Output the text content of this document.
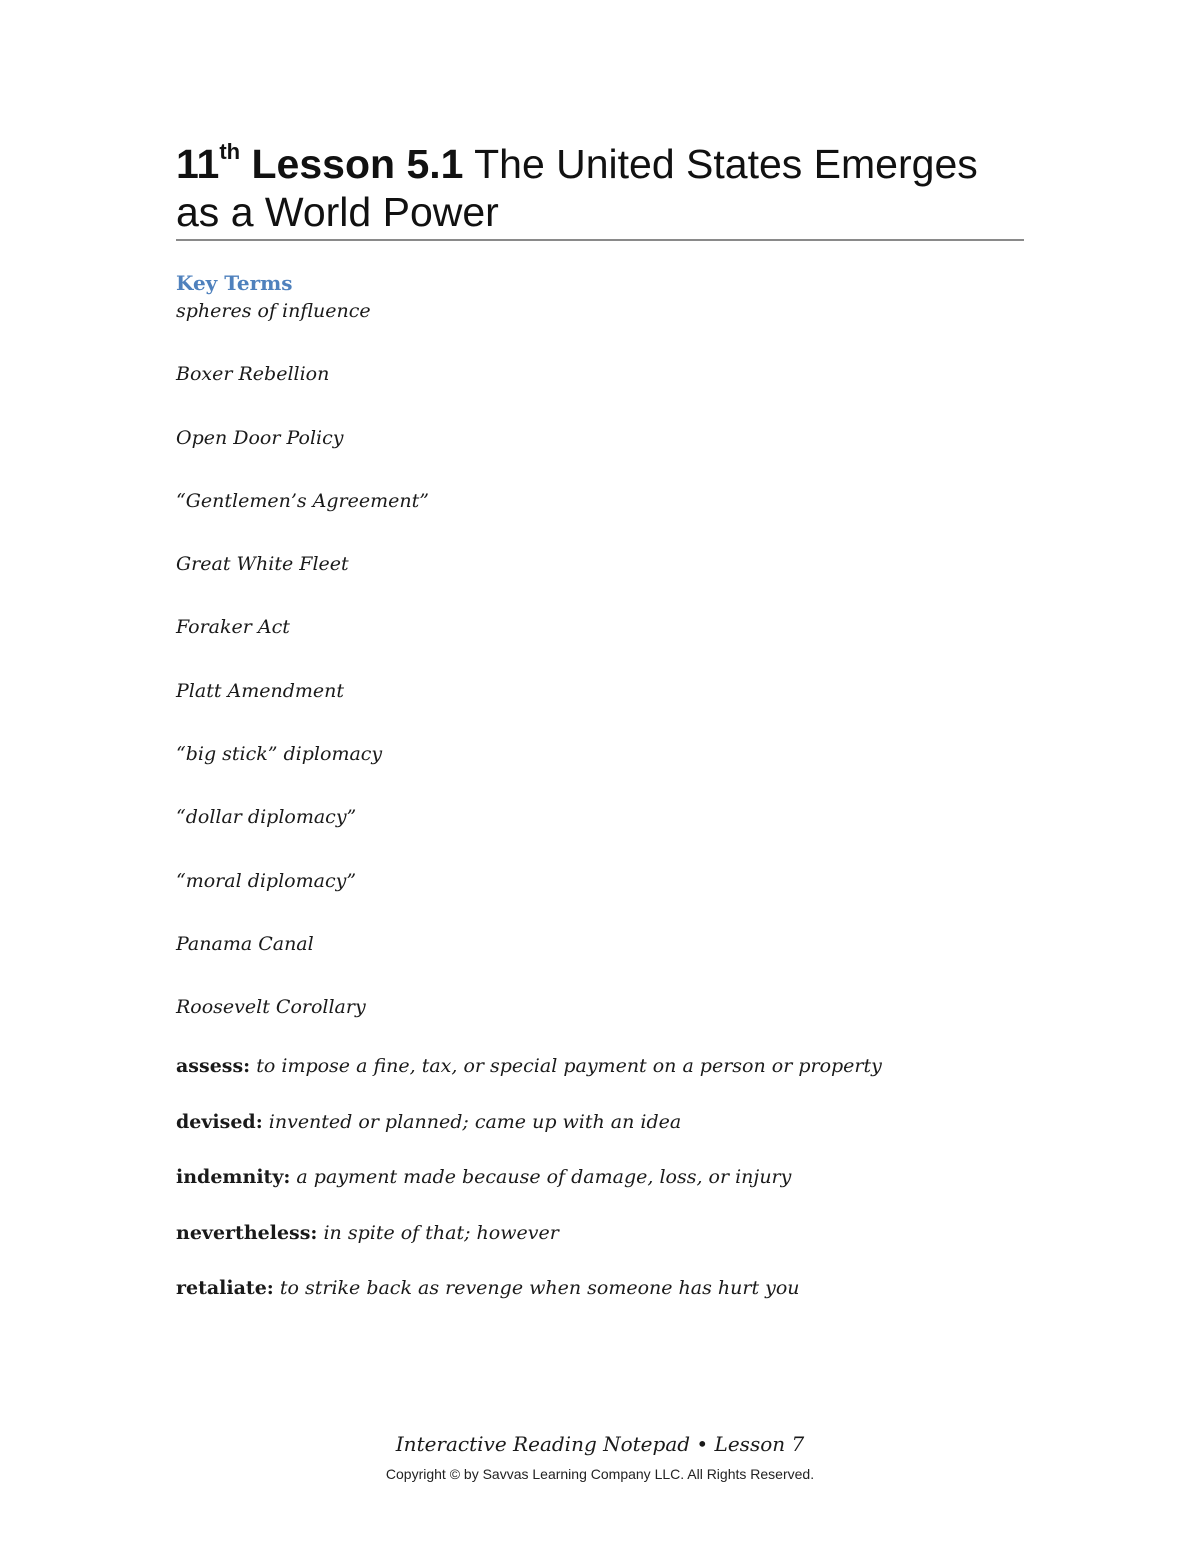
11th Lesson 5.1 The United States Emerges as a World Power
Key Terms
spheres of influence
Boxer Rebellion
Open Door Policy
“Gentlemen’s Agreement”
Great White Fleet
Foraker Act
Platt Amendment
“big stick” diplomacy
“dollar diplomacy”
“moral diplomacy”
Panama Canal
Roosevelt Corollary
assess: to impose a fine, tax, or special payment on a person or property
devised: invented or planned; came up with an idea
indemnity: a payment made because of damage, loss, or injury
nevertheless: in spite of that; however
retaliate: to strike back as revenge when someone has hurt you
Interactive Reading Notepad • Lesson 7
Copyright © by Savvas Learning Company LLC. All Rights Reserved.
